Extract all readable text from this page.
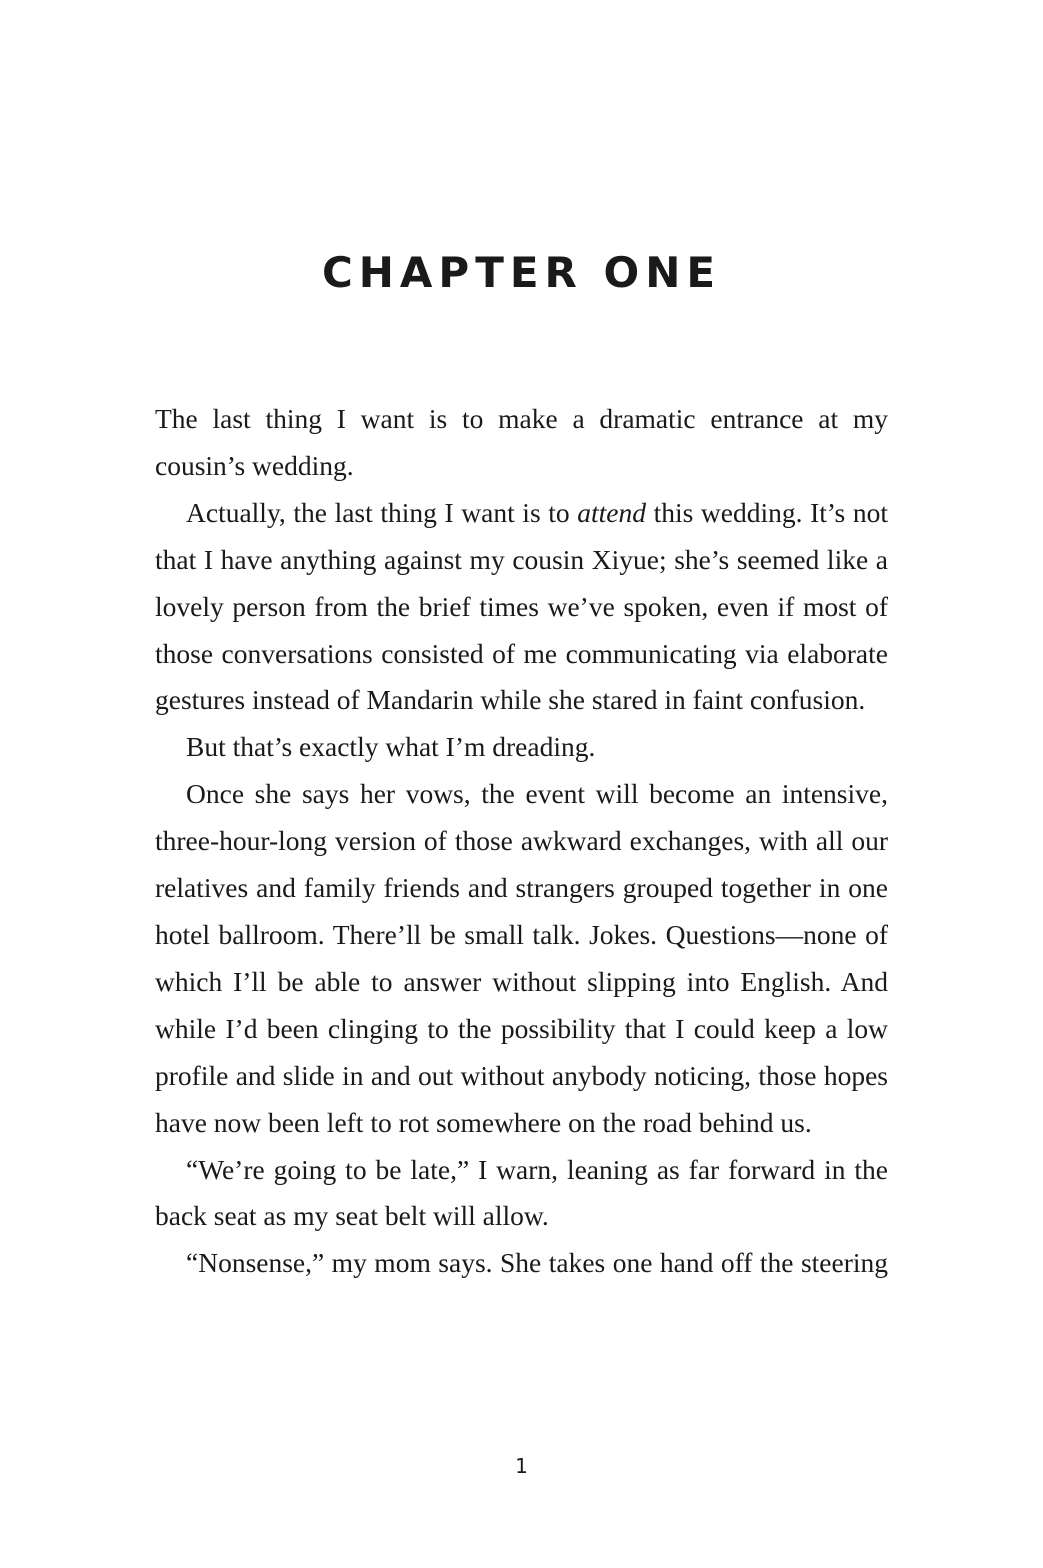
CHAPTER ONE

The last thing I want is to make a dramatic entrance at my cousin’s wedding.

Actually, the last thing I want is to attend this wedding. It’s not that I have anything against my cousin Xiyue; she’s seemed like a lovely person from the brief times we’ve spoken, even if most of those conversations consisted of me communicating via elaborate gestures instead of Mandarin while she stared in faint confusion.

But that’s exactly what I’m dreading.

Once she says her vows, the event will become an intensive, three-hour-long version of those awkward exchanges, with all our relatives and family friends and strangers grouped together in one hotel ballroom. There’ll be small talk. Jokes. Questions—none of which I’ll be able to answer without slipping into English. And while I’d been clinging to the possibility that I could keep a low profile and slide in and out without anybody noticing, those hopes have now been left to rot somewhere on the road behind us.

“We’re going to be late,” I warn, leaning as far forward in the back seat as my seat belt will allow.

“Nonsense,” my mom says. She takes one hand off the steering

1
